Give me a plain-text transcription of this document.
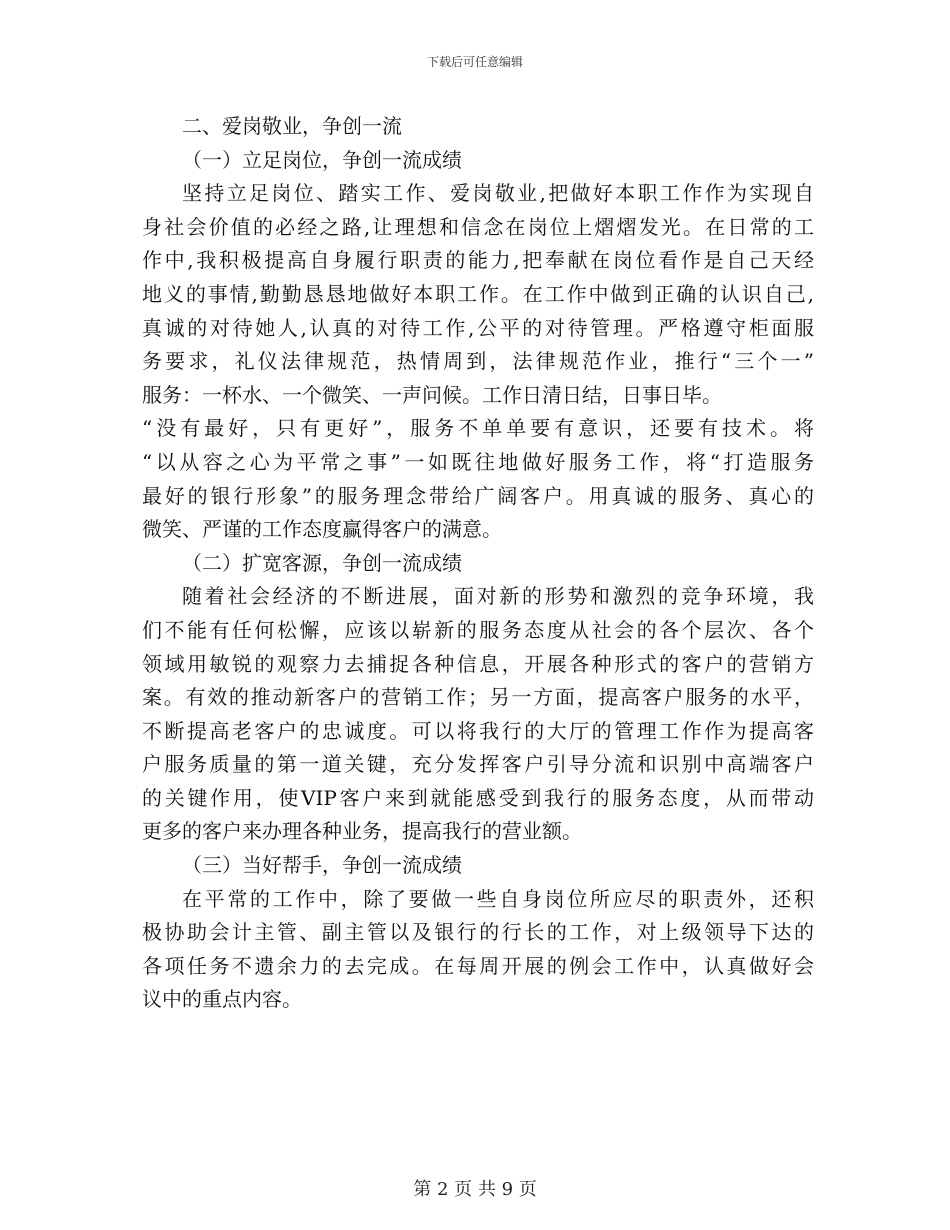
下载后可任意编辑
二、爱岗敬业，争创一流
（一）立足岗位，争创一流成绩
坚持立足岗位、踏实工作、爱岗敬业,把做好本职工作作为实现自
身社会价值的必经之路,让理想和信念在岗位上熠熠发光。在日常的工
作中,我积极提高自身履行职责的能力,把奉献在岗位看作是自己天经
地义的事情,勤勤恳恳地做好本职工作。在工作中做到正确的认识自己,
真诚的对待她人,认真的对待工作,公平的对待管理。严格遵守柜面服
务要求，礼仪法律规范，热情周到，法律规范作业，推行“三个一”
服务：一杯水、一个微笑、一声问候。工作日清日结，日事日毕。
“没有最好，只有更好”，服务不单单要有意识，还要有技术。将
“以从容之心为平常之事”一如既往地做好服务工作，将“打造服务
最好的银行形象”的服务理念带给广阔客户。用真诚的服务、真心的
微笑、严谨的工作态度赢得客户的满意。
（二）扩宽客源，争创一流成绩
随着社会经济的不断进展，面对新的形势和激烈的竞争环境，我
们不能有任何松懈，应该以崭新的服务态度从社会的各个层次、各个
领域用敏锐的观察力去捕捉各种信息，开展各种形式的客户的营销方
案。有效的推动新客户的营销工作；另一方面，提高客户服务的水平，
不断提高老客户的忠诚度。可以将我行的大厅的管理工作作为提高客
户服务质量的第一道关键，充分发挥客户引导分流和识别中高端客户
的关键作用，使VIP客户来到就能感受到我行的服务态度，从而带动
更多的客户来办理各种业务，提高我行的营业额。
（三）当好帮手，争创一流成绩
在平常的工作中，除了要做一些自身岗位所应尽的职责外，还积
极协助会计主管、副主管以及银行的行长的工作，对上级领导下达的
各项任务不遗余力的去完成。在每周开展的例会工作中，认真做好会
议中的重点内容。
第 2 页 共 9 页
